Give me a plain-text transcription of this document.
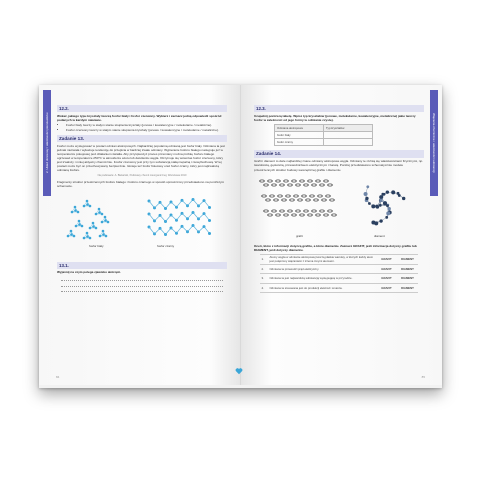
2. Układ okresowy i właściwości pierwiastków
12.2.

Wskaż, jakiego typu kryształy tworzą fosfor biały i fosfor czerwony. Wybierz i zaznacz jedną odpowiedź spośród podanych w każdym nawiasie.

• Fosfor biały tworzy w stałym stanie skupienia kryształy (jonowe / kowalencyjne / molekularne / metaliczne).
• Fosfor czerwony tworzy w stałym stanie skupienia kryształy (jonowe / kowalencyjne / molekularne / metaliczne).
Zadanie 13.

Fosfor może występować w postaci odmian alotropowych. Najbardziej popularną odmianą jest fosfor biały. Odmiana ta jest jednak nietrwała i wykazuje tendencję do przejścia w bardziej trwałe odmiany. Wypieranie fosforu białego następuje już w temperaturze pokojowej pod działaniem światła. Aby przyspieszyć proces przemiany można próbkę fosforu białego ogrzewać w temperaturze 250°C w atmosferze azotu lub dwutlenku węgla. Otrzymuje się wówczas fosfor czerwony, który jest trwalszy i mniej aktywny chemicznie. Fosfor czerwony jest przy tym substancją stałą niepalną i niewybuchową. W tej postaci może być on przechowywany bezpiecznie. Istnieje też fosfor fioletowy oraz fosfor czarny, który jest najtrwalszą odmianą fosforu.

Na podstawie: A. Bielański, Podstawy chemii nieorganicznej, Warszawa 2010

Fragmenty struktur przestrzennych fosforu białego i fosforu czarnego w sposób uproszczony przedstawiono na poniższym schemacie.

fosfor biały	fosfor czarny
13.1.

Wyjaśnij na czym polega zjawisko alotropii.

84
Wiązania chemiczne i właściwości substancji
12.3.

Uzupełnij poniższą tabelę. Wpisz typ kryształów (jonowe, molekularne, kowalencyjne, metaliczne) jakie tworzy fosfor w zależności od jego formy w odmianie czystej.

Odmiana alotropowa	Typ kryształów
fosfor biały	
fosfor czarny	
Zadanie 14.

Grafit i diament to dwie najbardziej znane odmiany alotropowe węgla. Odmiany te różnią się właściwościami fizycznymi, np. twardością, gęstością, przewodnictwem elektrycznym i barwą. Poniżej przedstawiono schematycznie modele przestrzennych struktur budowy wewnętrznej grafitu i diamentu.

grafit	diament

Oceń, które z informacji dotyczą grafitu, a które diamentu. Zaznacz GRAFIT, jeśli informacja dotyczy grafitu lub DIAMENT, jeśli dotyczy diamentu.

1.	Atomy węgla w odmianie alotropowej tworzą płaskie warstwy, w których każdy atom jest połączony wiązaniami z trzema innymi atomami.	GRAFIT	DIAMENT
2.	Odmiana ta przewodzi prąd elektryczny.	GRAFIT	DIAMENT
3.	Odmiana ta jest najtwardszą substancją występującą w przyrodzie.	GRAFIT	DIAMENT
4.	Odmiana ta stosowana jest do produkcji elektrod i smarów.	GRAFIT	DIAMENT
85
